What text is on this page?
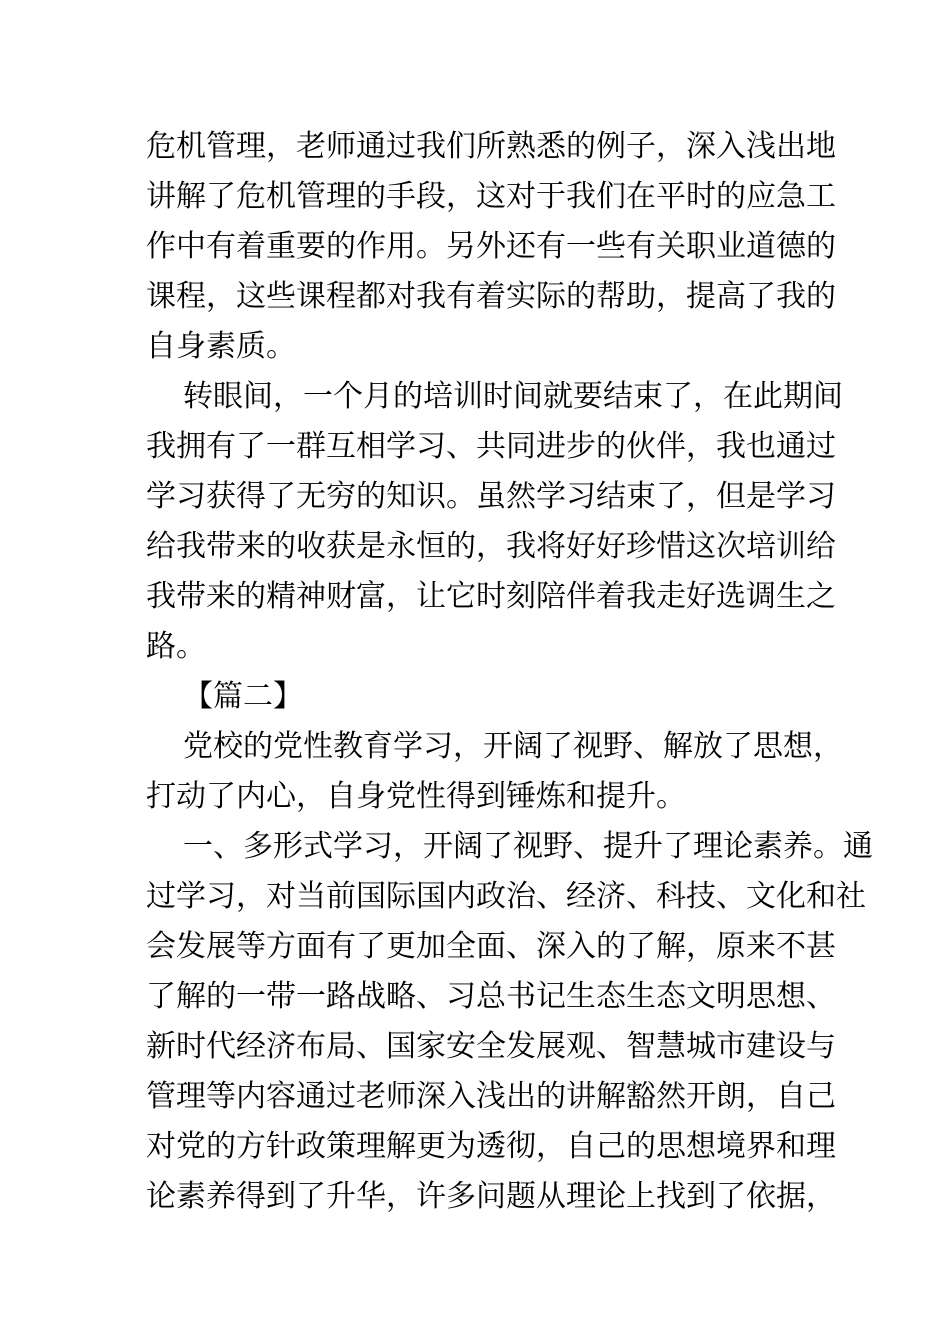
危机管理，老师通过我们所熟悉的例子，深入浅出地
讲解了危机管理的手段，这对于我们在平时的应急工
作中有着重要的作用。另外还有一些有关职业道德的
课程，这些课程都对我有着实际的帮助，提高了我的
自身素质。
转眼间，一个月的培训时间就要结束了，在此期间
我拥有了一群互相学习、共同进步的伙伴，我也通过
学习获得了无穷的知识。虽然学习结束了，但是学习
给我带来的收获是永恒的，我将好好珍惜这次培训给
我带来的精神财富，让它时刻陪伴着我走好选调生之
路。
【篇二】
党校的党性教育学习，开阔了视野、解放了思想，
打动了内心，自身党性得到锤炼和提升。
一、多形式学习，开阔了视野、提升了理论素养。通
过学习，对当前国际国内政治、经济、科技、文化和社
会发展等方面有了更加全面、深入的了解，原来不甚
了解的一带一路战略、习总书记生态生态文明思想、
新时代经济布局、国家安全发展观、智慧城市建设与
管理等内容通过老师深入浅出的讲解豁然开朗，自己
对党的方针政策理解更为透彻，自己的思想境界和理
论素养得到了升华，许多问题从理论上找到了依据，
